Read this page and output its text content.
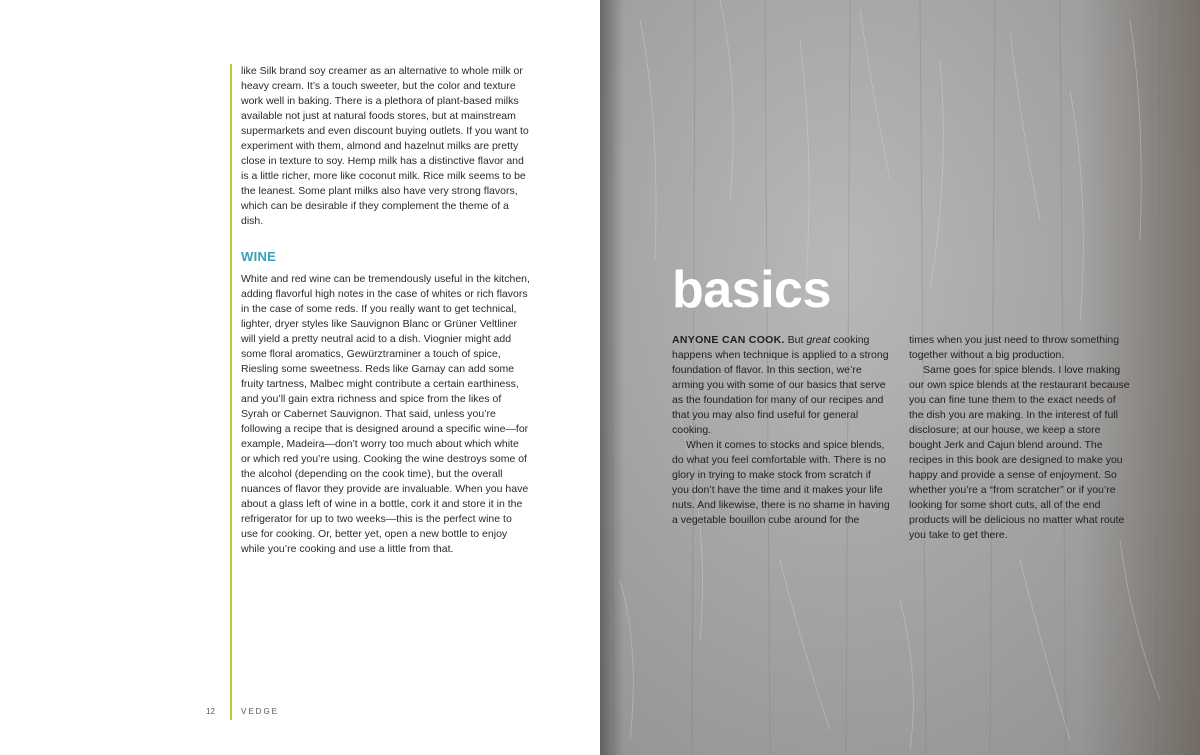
like Silk brand soy creamer as an alternative to whole milk or heavy cream. It’s a touch sweeter, but the color and texture work well in baking. There is a plethora of plant-based milks available not just at natural foods stores, but at mainstream supermarkets and even discount buying outlets. If you want to experiment with them, almond and hazelnut milks are pretty close in texture to soy. Hemp milk has a distinctive flavor and is a little richer, more like coconut milk. Rice milk seems to be the leanest. Some plant milks also have very strong flavors, which can be desirable if they complement the theme of a dish.
WINE
White and red wine can be tremendously useful in the kitchen, adding flavorful high notes in the case of whites or rich flavors in the case of some reds. If you really want to get technical, lighter, dryer styles like Sauvignon Blanc or Grüner Veltliner will yield a pretty neutral acid to a dish. Viognier might add some floral aromatics, Gewürztraminer a touch of spice, Riesling some sweetness. Reds like Gamay can add some fruity tartness, Malbec might contribute a certain earthiness, and you’ll gain extra richness and spice from the likes of Syrah or Cabernet Sauvignon. That said, unless you’re following a recipe that is designed around a specific wine—for example, Madeira—don’t worry too much about which white or which red you’re using. Cooking the wine destroys some of the alcohol (depending on the cook time), but the overall nuances of flavor they provide are invaluable. When you have about a glass left of wine in a bottle, cork it and store it in the refrigerator for up to two weeks—this is the perfect wine to use for cooking. Or, better yet, open a new bottle to enjoy while you’re cooking and use a little from that.
12	VEDGE
basics

ANYONE CAN COOK. But great cooking happens when technique is applied to a strong foundation of flavor. In this section, we’re arming you with some of our basics that serve as the foundation for many of our recipes and that you may also find useful for general cooking.

When it comes to stocks and spice blends, do what you feel comfortable with. There is no glory in trying to make stock from scratch if you don’t have the time and it makes your life nuts. And likewise, there is no shame in having a vegetable bouillon cube around for the

times when you just need to throw something together without a big production.

Same goes for spice blends. I love making our own spice blends at the restaurant because you can fine tune them to the exact needs of the dish you are making. In the interest of full disclosure; at our house, we keep a store bought Jerk and Cajun blend around. The recipes in this book are designed to make you happy and provide a sense of enjoyment. So whether you’re a “from scratcher” or if you’re looking for some short cuts, all of the end products will be delicious no matter what route you take to get there.
